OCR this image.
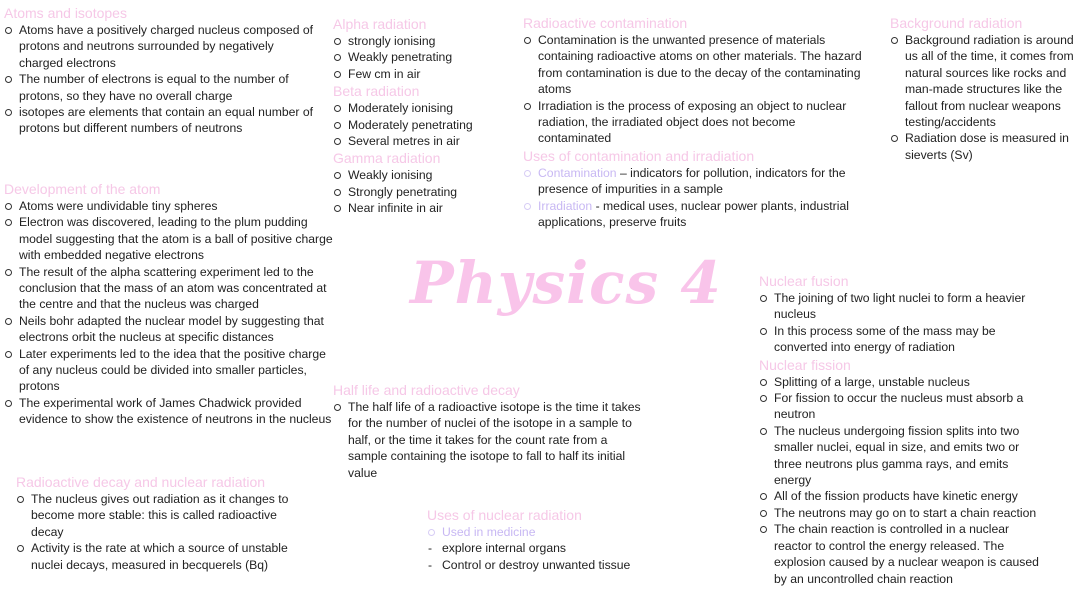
Physics 4
Atoms and isotopes
Atoms have a positively charged nucleus composed of protons and neutrons surrounded by negatively charged electrons
The number of electrons is equal to the number of protons, so they have no overall charge
isotopes are elements that contain an equal number of protons but different numbers of neutrons
Development of the atom
Atoms were undividable tiny spheres
Electron was discovered, leading to the plum pudding model suggesting that the atom is a ball of positive charge with embedded negative electrons
The result of the alpha scattering experiment led to the conclusion that the mass of an atom was concentrated at the centre and that the nucleus was charged
Neils bohr adapted the nuclear model by suggesting that electrons orbit the nucleus at specific distances
Later experiments led to the idea that the positive charge of any nucleus could be divided into smaller particles, protons
The experimental work of James Chadwick provided evidence to show the existence of neutrons in the nucleus
Radioactive decay and nuclear radiation
The nucleus gives out radiation as it changes to become more stable: this is called radioactive decay
Activity is the rate at which a source of unstable nuclei decays, measured in becquerels (Bq)
Alpha radiation
strongly ionising
Weakly penetrating
Few cm in air
Beta radiation
Moderately ionising
Moderately penetrating
Several metres in air
Gamma radiation
Weakly ionising
Strongly penetrating
Near infinite in air
Half life and radioactive decay
The half life of a radioactive isotope is the time it takes for the number of nuclei of the isotope in a sample to half, or the time it takes for the count rate from a sample containing the isotope to fall to half its initial value
Uses of nuclear radiation
Used in medicine
- explore internal organs
- Control or destroy unwanted tissue
Radioactive contamination
Contamination is the unwanted presence of materials containing radioactive atoms on other materials. The hazard from contamination is due to the decay of the contaminating atoms
Irradiation is the process of exposing an object to nuclear radiation, the irradiated object does not become contaminated
Uses of contamination and irradiation
Contamination – indicators for pollution, indicators for the presence of impurities in a sample
Irradiation - medical uses, nuclear power plants, industrial applications, preserve fruits
Background radiation
Background radiation is around us all of the time, it comes from natural sources like rocks and man-made structures like the fallout from nuclear weapons testing/accidents
Radiation dose is measured in sieverts (Sv)
Nuclear fusion
The joining of two light nuclei to form a heavier nucleus
In this process some of the mass may be converted into energy of radiation
Nuclear fission
Splitting of a large, unstable nucleus
For fission to occur the nucleus must absorb a neutron
The nucleus undergoing fission splits into two smaller nuclei, equal in size, and emits two or three neutrons plus gamma rays, and emits energy
All of the fission products have kinetic energy
The neutrons may go on to start a chain reaction
The chain reaction is controlled in a nuclear reactor to control the energy released. The explosion caused by a nuclear weapon is caused by an uncontrolled chain reaction
